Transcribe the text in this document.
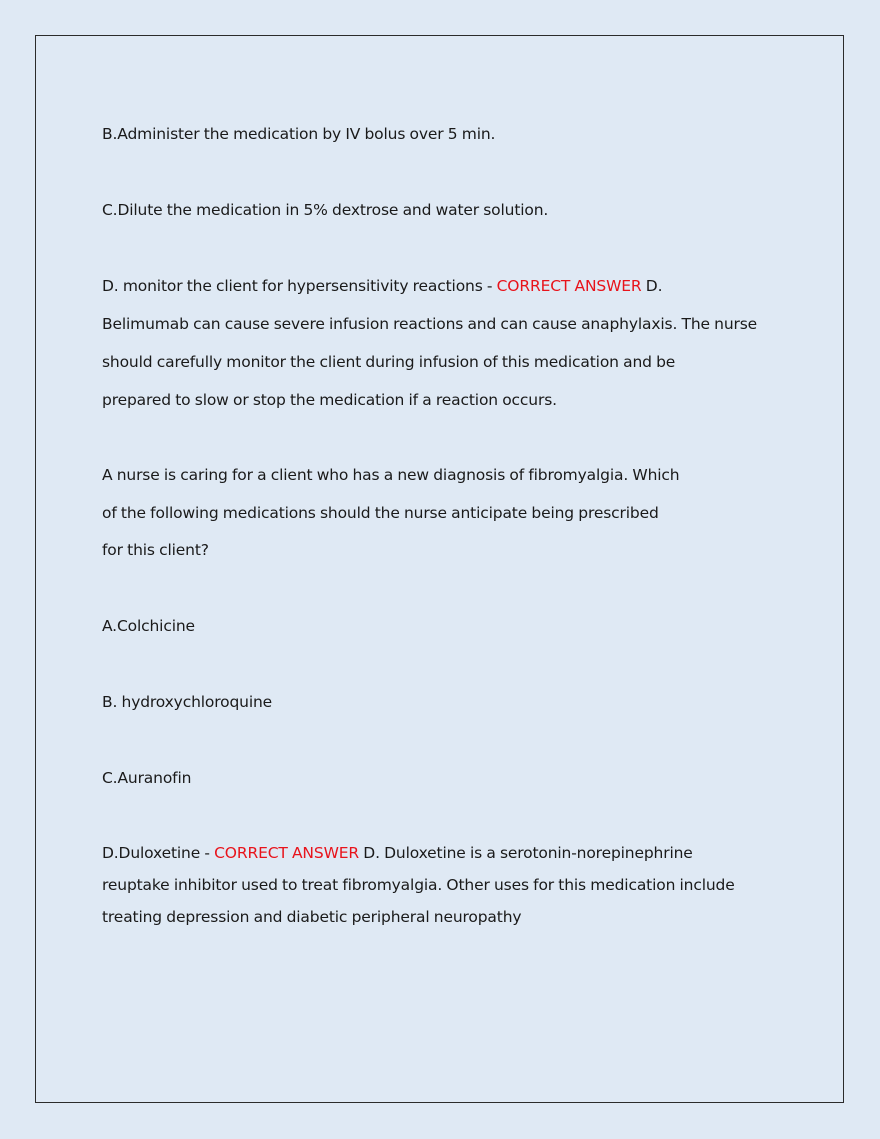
B.Administer the medication by IV bolus over 5 min.
C.Dilute the medication in 5% dextrose and water solution.
D. monitor the client for hypersensitivity reactions - CORRECT ANSWER D.
Belimumab can cause severe infusion reactions and can cause anaphylaxis. The nurse
should carefully monitor the client during infusion of this medication and be
prepared to slow or stop the medication if a reaction occurs.
A nurse is caring for a client who has a new diagnosis of fibromyalgia. Which
of the following medications should the nurse anticipate being prescribed
for this client?
A.Colchicine
B. hydroxychloroquine
C.Auranofin
D.Duloxetine - CORRECT ANSWER D. Duloxetine is a serotonin-norepinephrine
reuptake inhibitor used to treat fibromyalgia. Other uses for this medication include
treating depression and diabetic peripheral neuropathy
